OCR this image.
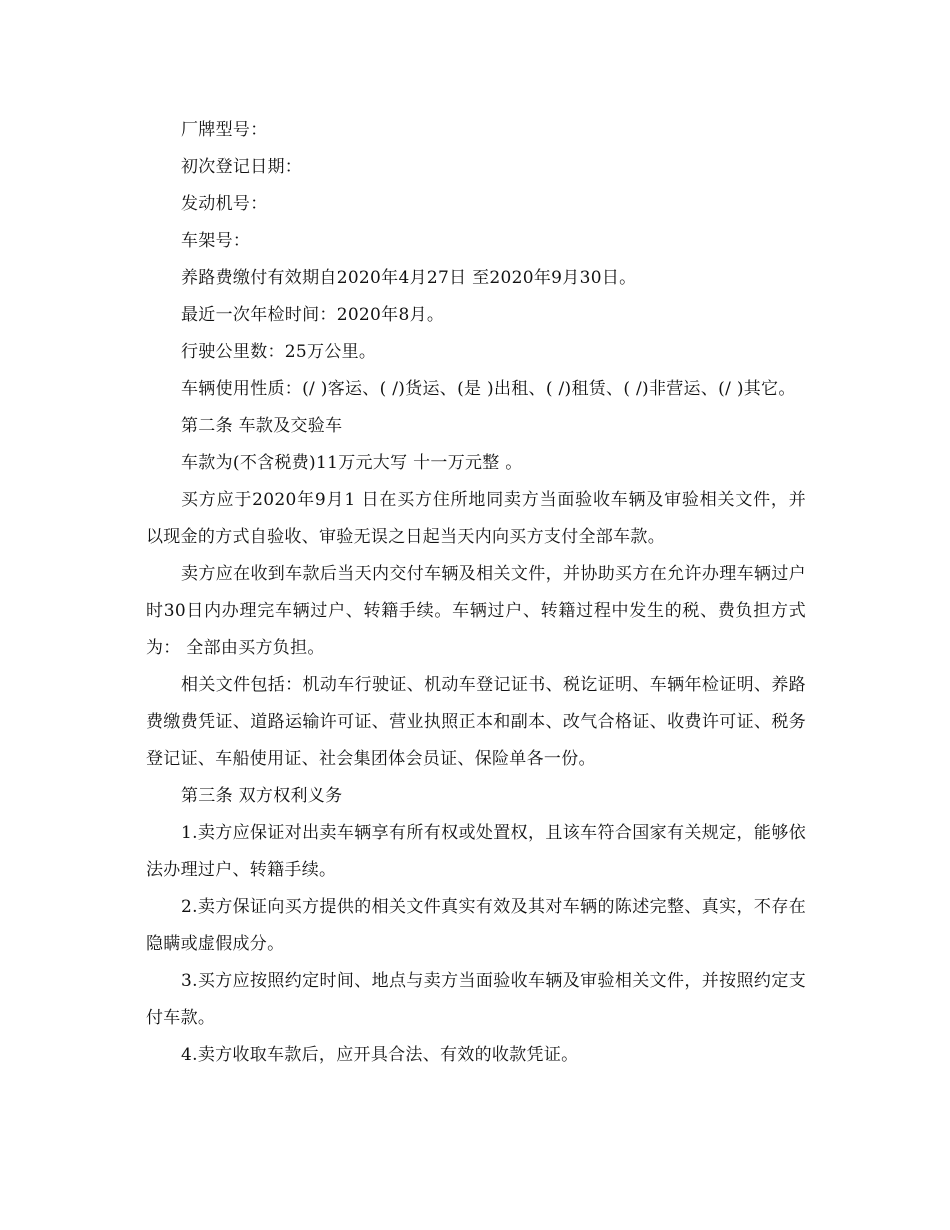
厂牌型号：

初次登记日期：

发动机号：

车架号：

养路费缴付有效期自2020年4月27日 至2020年9月30日。

最近一次年检时间：2020年8月。

行驶公里数：25万公里。

车辆使用性质：(/ )客运、( /)货运、(是 )出租、( /)租赁、( /)非营运、(/ )其它。

第二条 车款及交验车

车款为(不含税费)11万元大写 十一万元整 。

买方应于2020年9月1 日在买方住所地同卖方当面验收车辆及审验相关文件，并以现金的方式自验收、审验无误之日起当天内向买方支付全部车款。

卖方应在收到车款后当天内交付车辆及相关文件，并协助买方在允许办理车辆过户时30日内办理完车辆过户、转籍手续。车辆过户、转籍过程中发生的税、费负担方式为： 全部由买方负担。

相关文件包括：机动车行驶证、机动车登记证书、税讫证明、车辆年检证明、养路费缴费凭证、道路运输许可证、营业执照正本和副本、改气合格证、收费许可证、税务登记证、车船使用证、社会集团体会员证、保险单各一份。

第三条 双方权利义务

1.卖方应保证对出卖车辆享有所有权或处置权，且该车符合国家有关规定，能够依法办理过户、转籍手续。

2.卖方保证向买方提供的相关文件真实有效及其对车辆的陈述完整、真实，不存在隐瞒或虚假成分。

3.买方应按照约定时间、地点与卖方当面验收车辆及审验相关文件，并按照约定支付车款。

4.卖方收取车款后，应开具合法、有效的收款凭证。
